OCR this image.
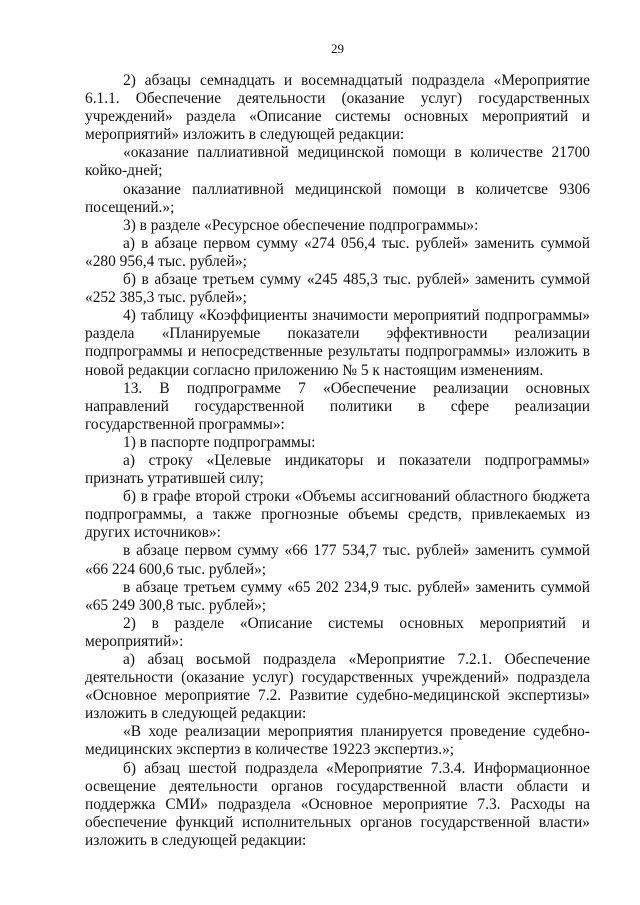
29

2) абзацы семнадцать и восемнадцатый подраздела «Мероприятие 6.1.1. Обеспечение деятельности (оказание услуг) государственных учреждений» раздела «Описание системы основных мероприятий и мероприятий» изложить в следующей редакции:

«оказание паллиативной медицинской помощи в количестве 21700 койко-дней;

оказание паллиативной медицинской помощи в количетсве 9306 посещений.»;

3) в разделе «Ресурсное обеспечение подпрограммы»:

а) в абзаце первом сумму «274 056,4 тыс. рублей» заменить суммой «280 956,4 тыс. рублей»;

б) в абзаце третьем сумму «245 485,3 тыс. рублей» заменить суммой «252 385,3 тыс. рублей»;

4) таблицу «Коэффициенты значимости мероприятий подпрограммы» раздела «Планируемые показатели эффективности реализации подпрограммы и непосредственные результаты подпрограммы» изложить в новой редакции согласно приложению № 5 к настоящим изменениям.

13. В подпрограмме 7 «Обеспечение реализации основных направлений государственной политики в сфере реализации государственной программы»:

1) в паспорте подпрограммы:

а) строку «Целевые индикаторы и показатели подпрограммы» признать утратившей силу;

б) в графе второй строки «Объемы ассигнований областного бюджета подпрограммы, а также прогнозные объемы средств, привлекаемых из других источников»:

в абзаце первом сумму «66 177 534,7 тыс. рублей» заменить суммой «66 224 600,6 тыс. рублей»;

в абзаце третьем сумму «65 202 234,9 тыс. рублей» заменить суммой «65 249 300,8 тыс. рублей»;

2) в разделе «Описание системы основных мероприятий и мероприятий»:

а) абзац восьмой подраздела «Мероприятие 7.2.1. Обеспечение деятельности (оказание услуг) государственных учреждений» подраздела «Основное мероприятие 7.2. Развитие судебно-медицинской экспертизы» изложить в следующей редакции:

«В ходе реализации мероприятия планируется проведение судебно-медицинских экспертиз в количестве 19223 экспертиз.»;

б) абзац шестой подраздела «Мероприятие 7.3.4. Информационное освещение деятельности органов государственной власти области и поддержка СМИ» подраздела «Основное мероприятие 7.3. Расходы на обеспечение функций исполнительных органов государственной власти» изложить в следующей редакции:
